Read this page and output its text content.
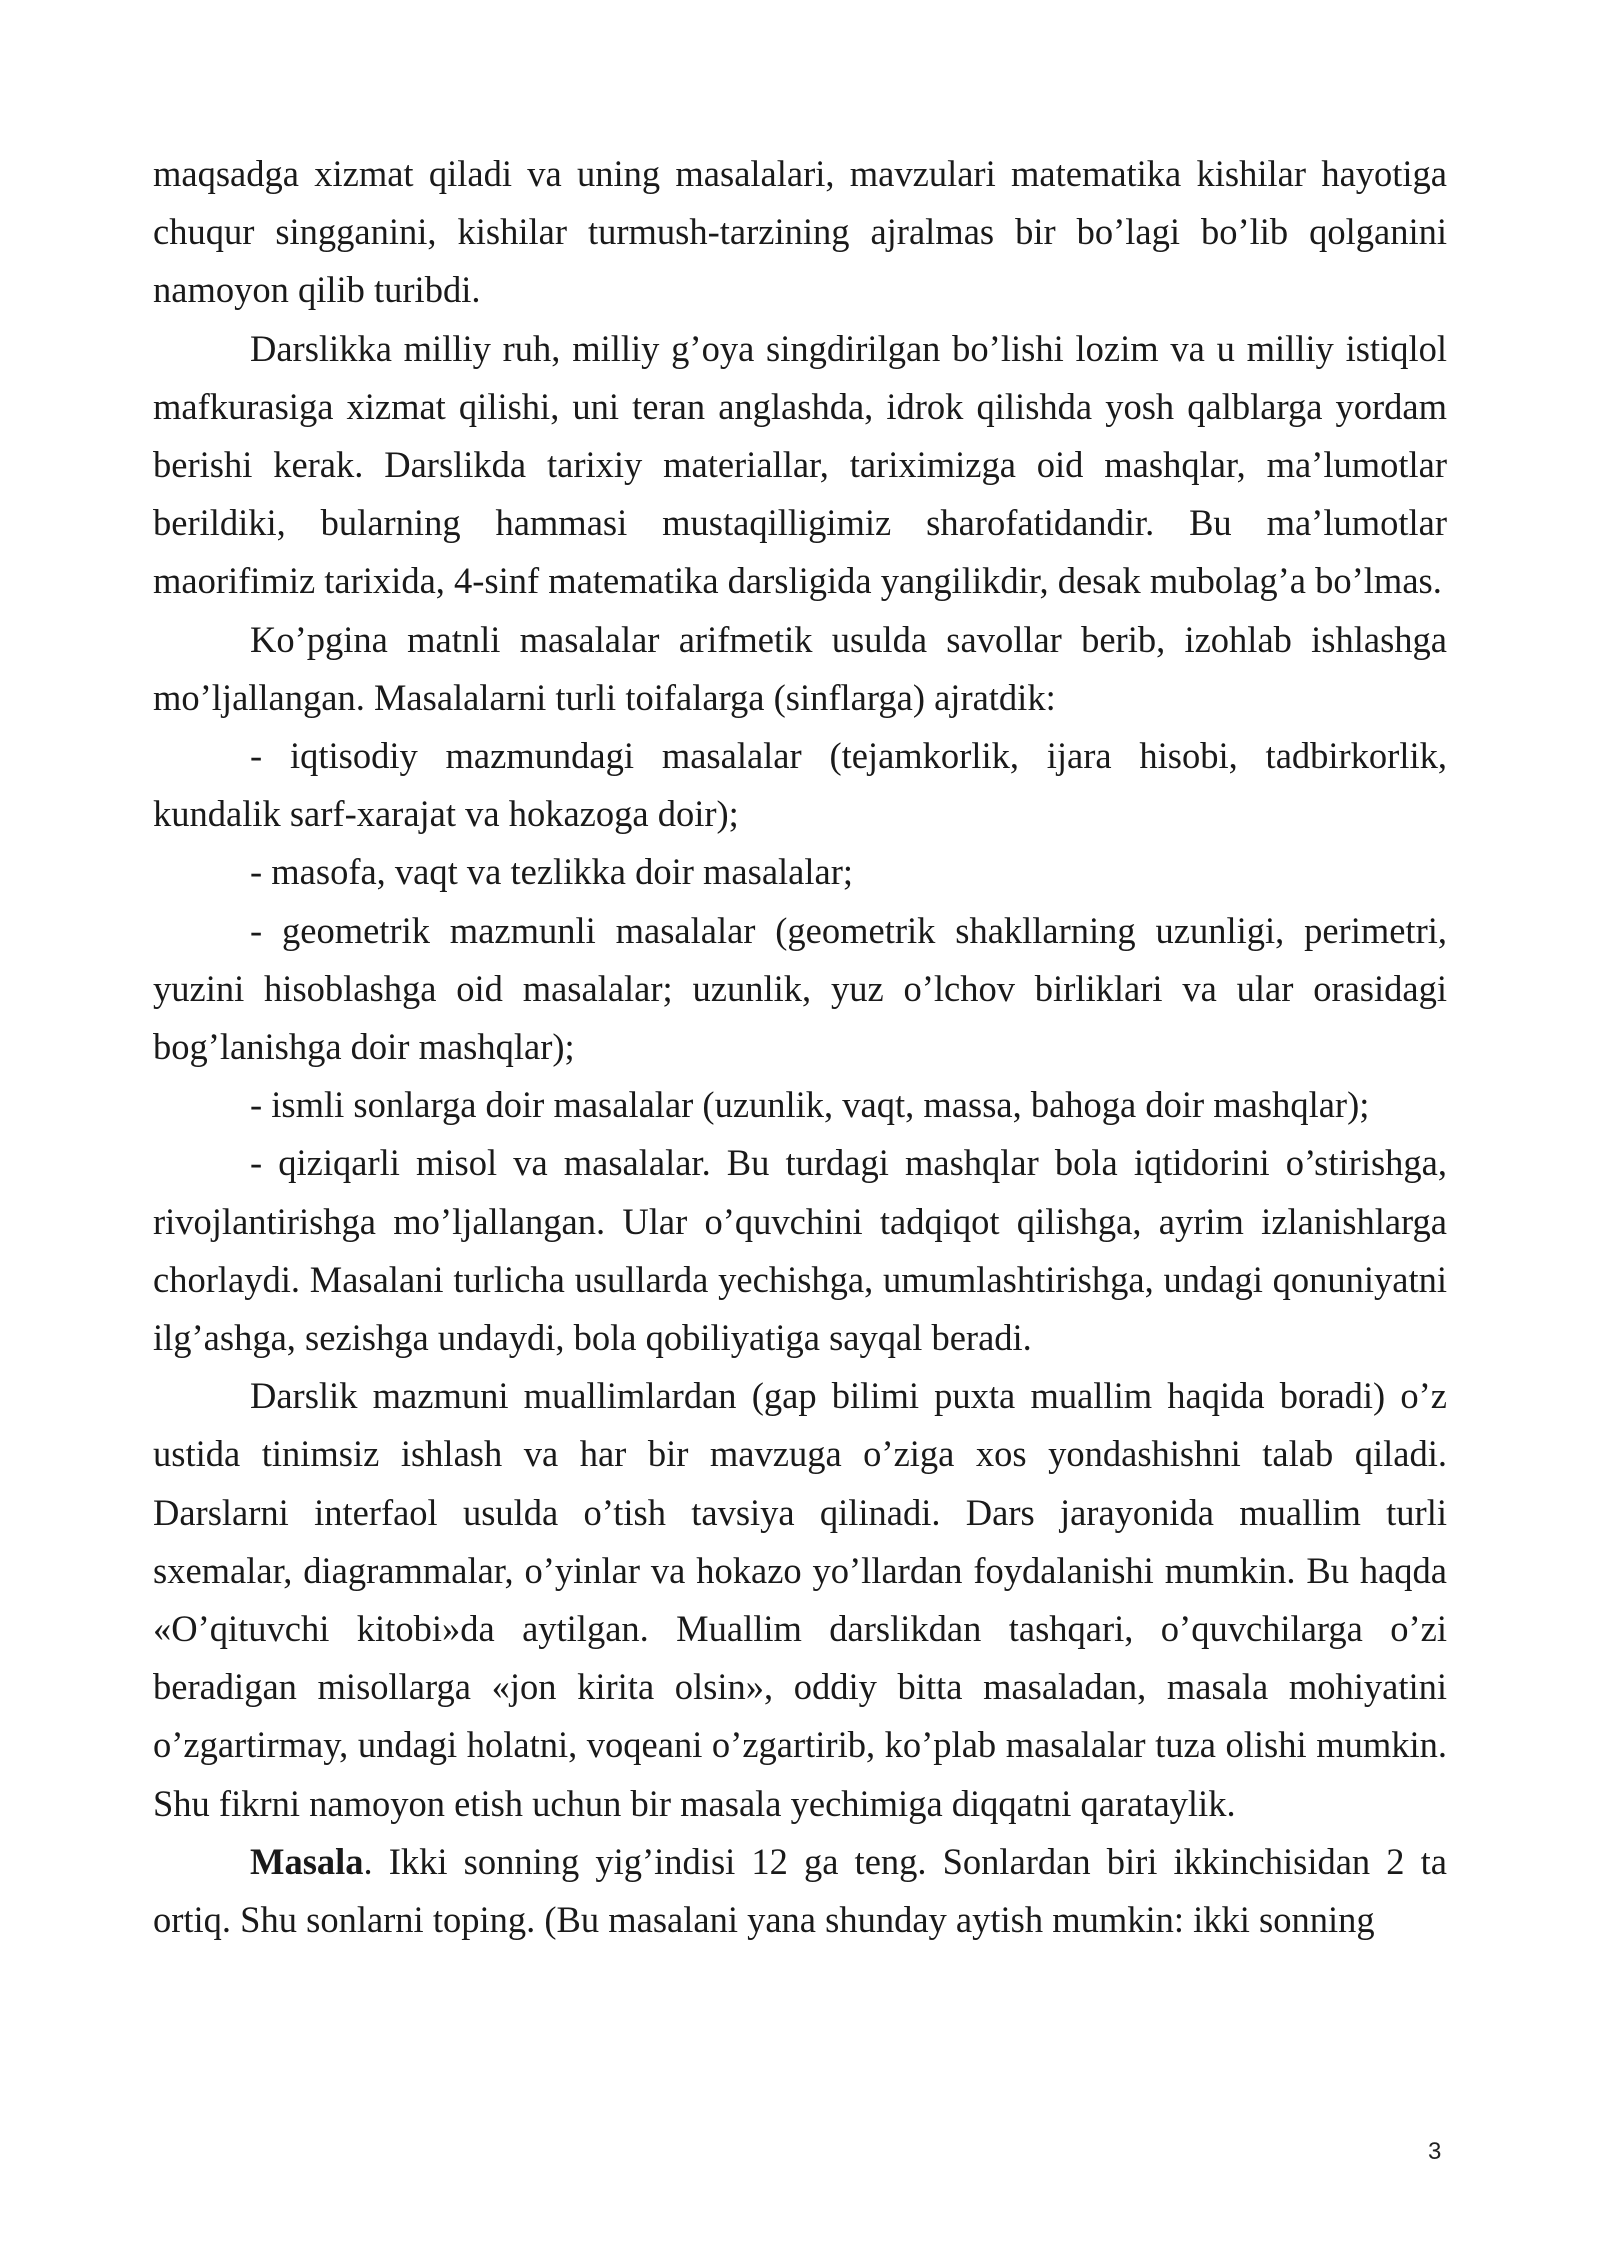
maqsadga xizmat qiladi va uning masalalari, mavzulari matematika kishilar hayotiga chuqur singganini, kishilar turmush-tarzining ajralmas bir bo’lagi bo’lib qolganini namoyon qilib turibdi.

Darslikka milliy ruh, milliy g’oya singdirilgan bo’lishi lozim va u milliy istiqlol mafkurasiga xizmat qilishi, uni teran anglashda, idrok qilishda yosh qalblarga yordam berishi kerak. Darslikda tarixiy materiallar, tariximizga oid mashqlar, ma’lumotlar berildiki, bularning hammasi mustaqilligimiz sharofatidandir. Bu ma’lumotlar maorifimiz tarixida, 4-sinf matematika darsligida yangilikdir, desak mubolag’a bo’lmas.

Ko’pgina matnli masalalar arifmetik usulda savollar berib, izohlab ishlashga mo’ljallangan. Masalalarni turli toifalarga (sinflarga) ajratdik:

- iqtisodiy mazmundagi masalalar (tejamkorlik, ijara hisobi, tadbirkorlik, kundalik sarf-xarajat va hokazoga doir);

- masofa, vaqt va tezlikka doir masalalar;

- geometrik mazmunli masalalar (geometrik shakllarning uzunligi, perimetri, yuzini hisoblashga oid masalalar; uzunlik, yuz o’lchov birliklari va ular orasidagi bog’lanishga doir mashqlar);

- ismli sonlarga doir masalalar (uzunlik, vaqt, massa, bahoga doir mashqlar);

- qiziqarli misol va masalalar. Bu turdagi mashqlar bola iqtidorini o’stirishga, rivojlantirishga mo’ljallangan. Ular o’quvchini tadqiqot qilishga, ayrim izlanishlarga chorlaydi. Masalani turlicha usullarda yechishga, umumlashtirishga, undagi qonuniyatni ilg’ashga, sezishga undaydi, bola qobiliyatiga sayqal beradi.

Darslik mazmuni muallimlardan (gap bilimi puxta muallim haqida boradi) o’z ustida tinimsiz ishlash va har bir mavzuga o’ziga xos yondashishni talab qiladi. Darslarni interfaol usulda o’tish tavsiya qilinadi. Dars jarayonida muallim turli sxemalar, diagrammalar, o’yinlar va hokazo yo’llardan foydalanishi mumkin. Bu haqda «O’qituvchi kitobi»da aytilgan. Muallim darslikdan tashqari, o’quvchilarga o’zi beradigan misollarga «jon kirita olsin», oddiy bitta masaladan, masala mohiyatini o’zgartirmay, undagi holatni, voqeani o’zgartirib, ko’plab masalalar tuza olishi mumkin. Shu fikrni namoyon etish uchun bir masala yechimiga diqqatni qarataylik.

Masala. Ikki sonning yig’indisi 12 ga teng. Sonlardan biri ikkinchisidan 2 ta ortiq. Shu sonlarni toping. (Bu masalani yana shunday aytish mumkin: ikki sonning

3
